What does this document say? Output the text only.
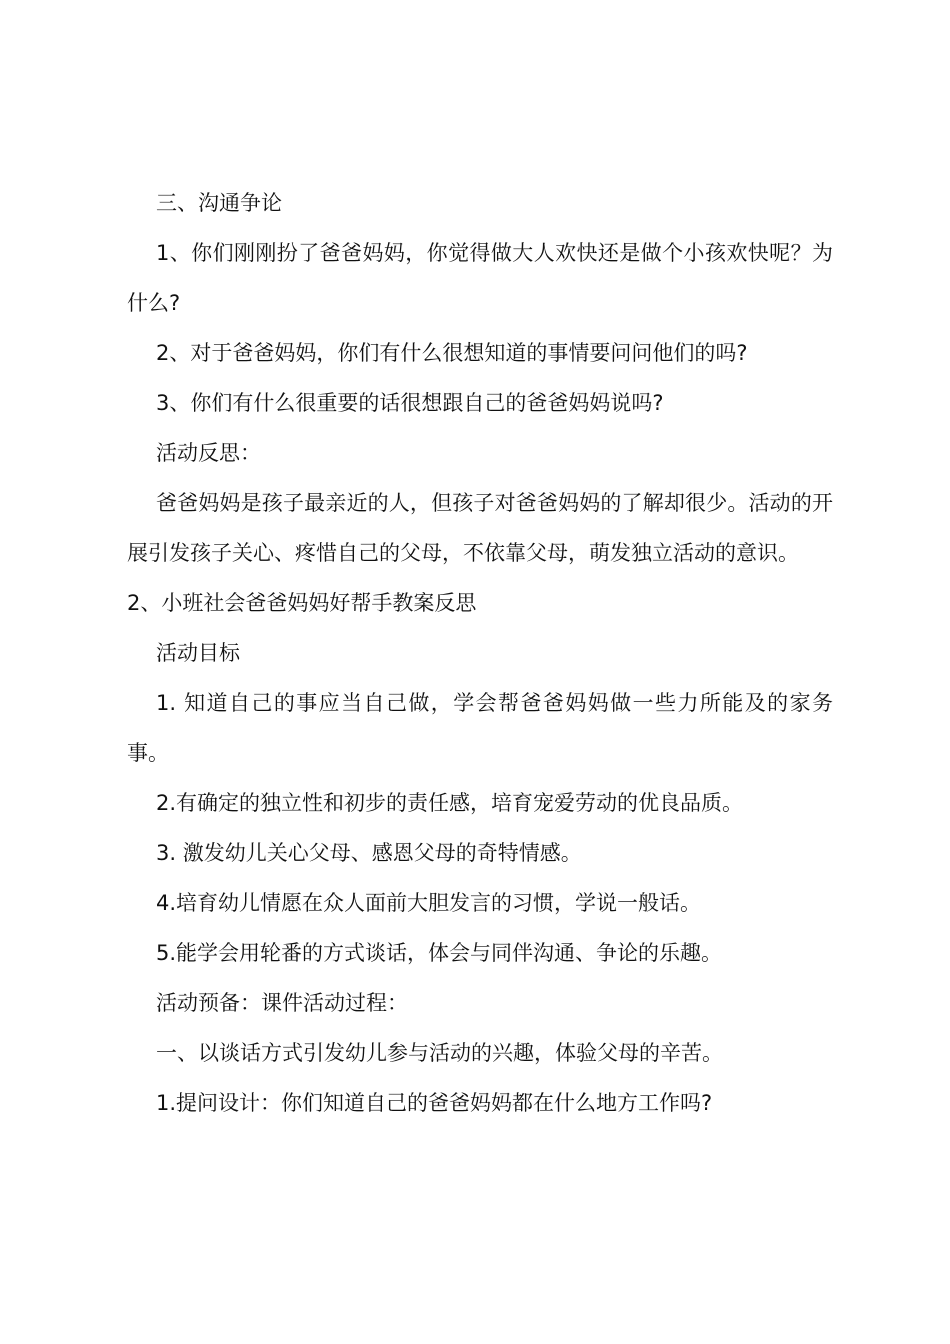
三、沟通争论

1、你们刚刚扮了爸爸妈妈，你觉得做大人欢快还是做个小孩欢快呢？为什么?

2、对于爸爸妈妈，你们有什么很想知道的事情要问问他们的吗?

3、你们有什么很重要的话很想跟自己的爸爸妈妈说吗?

活动反思：

爸爸妈妈是孩子最亲近的人，但孩子对爸爸妈妈的了解却很少。活动的开展引发孩子关心、疼惜自己的父母，不依靠父母，萌发独立活动的意识。

2、小班社会爸爸妈妈好帮手教案反思

活动目标

1. 知道自己的事应当自己做，学会帮爸爸妈妈做一些力所能及的家务事。

2.有确定的独立性和初步的责任感，培育宠爱劳动的优良品质。

3. 激发幼儿关心父母、感恩父母的奇特情感。

4.培育幼儿情愿在众人面前大胆发言的习惯，学说一般话。

5.能学会用轮番的方式谈话，体会与同伴沟通、争论的乐趣。

活动预备：课件活动过程：

一、以谈话方式引发幼儿参与活动的兴趣，体验父母的辛苦。

1.提问设计：你们知道自己的爸爸妈妈都在什么地方工作吗?
